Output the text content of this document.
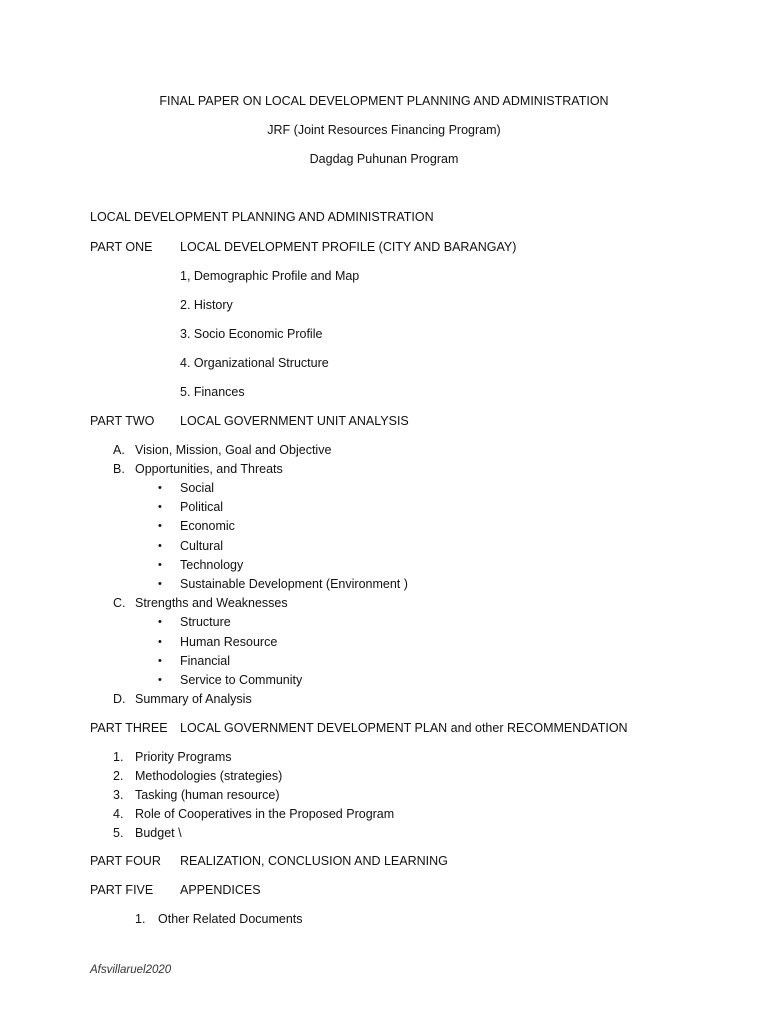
FINAL PAPER ON LOCAL DEVELOPMENT PLANNING AND ADMINISTRATION
JRF (Joint Resources Financing Program)
Dagdag Puhunan Program
LOCAL DEVELOPMENT PLANNING AND ADMINISTRATION
PART ONE LOCAL DEVELOPMENT PROFILE (CITY AND BARANGAY)
1, Demographic Profile and Map
2. History
3. Socio Economic Profile
4. Organizational Structure
5. Finances
PART TWO LOCAL GOVERNMENT UNIT ANALYSIS
A. Vision, Mission, Goal and Objective
B. Opportunities, and Threats
• Social
• Political
• Economic
• Cultural
• Technology
• Sustainable Development (Environment )
C. Strengths and Weaknesses
• Structure
• Human Resource
• Financial
• Service to Community
D. Summary of Analysis
PART THREE LOCAL GOVERNMENT DEVELOPMENT PLAN and other RECOMMENDATION
1. Priority Programs
2. Methodologies (strategies)
3. Tasking (human resource)
4. Role of Cooperatives in the Proposed Program
5. Budget \
PART FOUR REALIZATION, CONCLUSION AND LEARNING
PART FIVE APPENDICES
1. Other Related Documents
Afsvillaruel2020
